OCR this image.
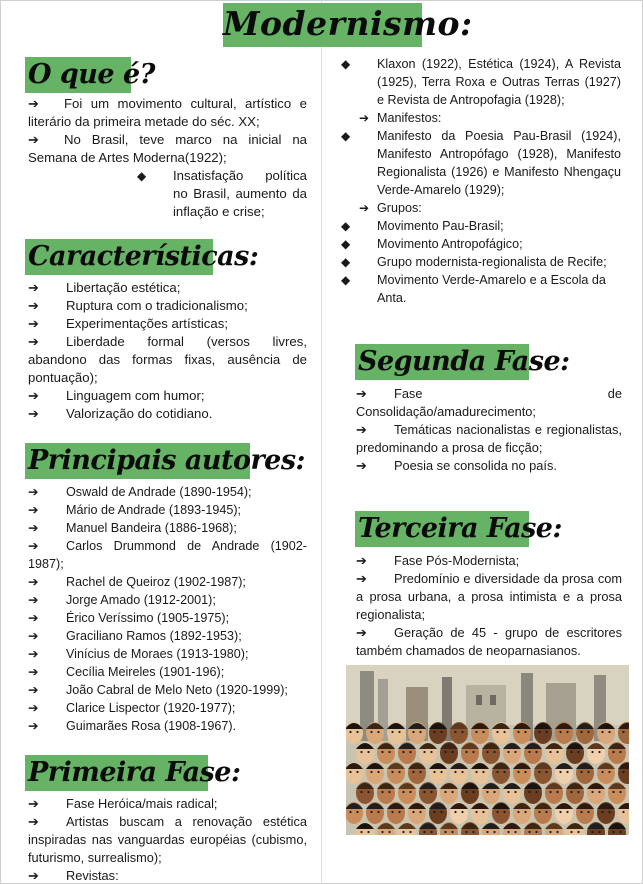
Modernismo:
O que é?

➔ Foi um movimento cultural, artístico e literário da primeira metade do séc. XX;

➔ No Brasil, teve marco na inicial na Semana de Artes Moderna(1922);

◆ Insatisfação política no Brasil, aumento da inflação e crise;

Características:

➔ Libertação estética;

➔ Ruptura com o tradicionalismo;

➔ Experimentações artísticas;

➔ Liberdade formal (versos livres, abandono das formas fixas, ausência de pontuação);

➔ Linguagem com humor;

➔ Valorização do cotidiano.

Principais autores:

➔ Oswald de Andrade (1890-1954);

➔ Mário de Andrade (1893-1945);

➔ Manuel Bandeira (1886-1968);

➔ Carlos Drummond de Andrade (1902-1987);

➔ Rachel de Queiroz (1902-1987);

➔ Jorge Amado (1912-2001);

➔ Érico Veríssimo (1905-1975);

➔ Graciliano Ramos (1892-1953);

➔ Vinícius de Moraes (1913-1980);

➔ Cecília Meireles (1901-196);

➔ João Cabral de Melo Neto (1920-1999);

➔ Clarice Lispector (1920-1977);

➔ Guimarães Rosa (1908-1967).

Primeira Fase:

➔ Fase Heróica/mais radical;

➔ Artistas buscam a renovação estética inspiradas nas vanguardas européias (cubismo, futurismo, surrealismo);

➔ Revistas:

◆ Klaxon (1922), Estética (1924), A Revista (1925), Terra Roxa e Outras Terras (1927) e Revista de Antropofagia (1928);

➔ Manifestos:

◆ Manifesto da Poesia Pau-Brasil (1924), Manifesto Antropófago (1928), Manifesto Regionalista (1926) e Manifesto Nhengaçu Verde-Amarelo (1929);

➔ Grupos:

◆ Movimento Pau-Brasil;

◆ Movimento Antropofágico;

◆ Grupo modernista-regionalista de Recife;

◆ Movimento Verde-Amarelo e a Escola da Anta.

Segunda Fase:

➔ Fase de Consolidação/amadurecimento;

➔ Temáticas nacionalistas e regionalistas, predominando a prosa de ficção;

➔ Poesia se consolida no país.

Terceira Fase:

➔ Fase Pós-Modernista;

➔ Predomínio e diversidade da prosa com a prosa urbana, a prosa intimista e a prosa regionalista;

➔ Geração de 45 - grupo de escritores também chamados de neoparnasianos.
